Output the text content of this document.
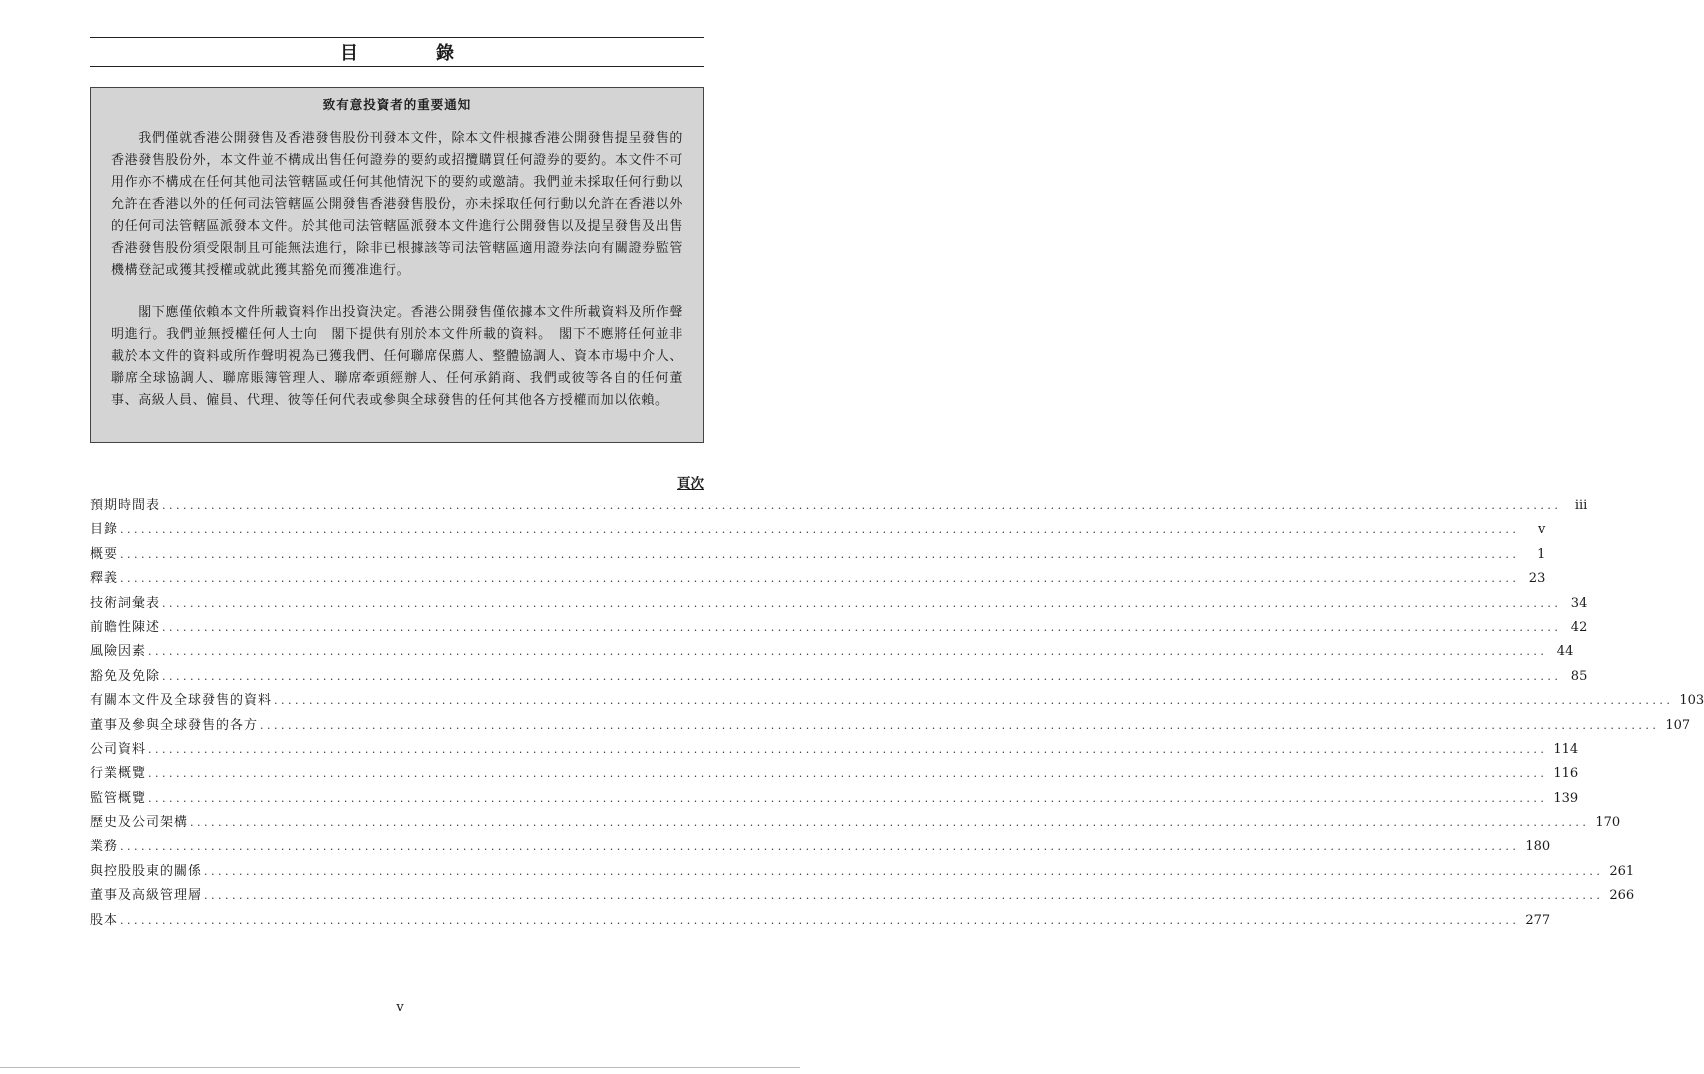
目　錄
致有意投資者的重要通知

我們僅就香港公開發售及香港發售股份刊發本文件，除本文件根據香港公開發售提呈發售的香港發售股份外，本文件並不構成出售任何證券的要約或招攬購買任何證券的要約。本文件不可用作亦不構成在任何其他司法管轄區或任何其他情況下的要約或邀請。我們並未採取任何行動以允許在香港以外的任何司法管轄區公開發售香港發售股份，亦未採取任何行動以允許在香港以外的任何司法管轄區派發本文件。於其他司法管轄區派發本文件進行公開發售以及提呈發售及出售香港發售股份須受限制且可能無法進行，除非已根據該等司法管轄區適用證券法向有關證券監管機構登記或獲其授權或就此獲其豁免而獲准進行。

閣下應僅依賴本文件所載資料作出投資決定。香港公開發售僅依據本文件所載資料及所作聲明進行。我們並無授權任何人士向　閣下提供有別於本文件所載的資料。　閣下不應將任何並非載於本文件的資料或所作聲明視為已獲我們、任何聯席保薦人、整體協調人、資本市場中介人、聯席全球協調人、聯席賬簿管理人、聯席牽頭經辦人、任何承銷商、我們或彼等各自的任何董事、高級人員、僱員、代理、彼等任何代表或參與全球發售的任何其他各方授權而加以依賴。

頁次
預期時間表 ........................................................................................................................................................................................................	iii
目錄 ........................................................................................................................................................................................................	v
概要 ........................................................................................................................................................................................................	1
釋義 ........................................................................................................................................................................................................ 23
技術詞彙表 ........................................................................................................................................................................................................ 34
前瞻性陳述 ........................................................................................................................................................................................................ 42
風險因素 ........................................................................................................................................................................................................ 44
豁免及免除 ........................................................................................................................................................................................................ 85
有關本文件及全球發售的資料 ........................................................................................................................................................................................................ 103
董事及參與全球發售的各方 ........................................................................................................................................................................................................ 107
公司資料 ........................................................................................................................................................................................................ 114
行業概覽 ........................................................................................................................................................................................................ 116
監管概覽 ........................................................................................................................................................................................................ 139
歷史及公司架構 ........................................................................................................................................................................................................ 170
業務 ........................................................................................................................................................................................................ 180
與控股股東的關係 ........................................................................................................................................................................................................ 261
董事及高級管理層 ........................................................................................................................................................................................................ 266
股本 ........................................................................................................................................................................................................ 277
v
